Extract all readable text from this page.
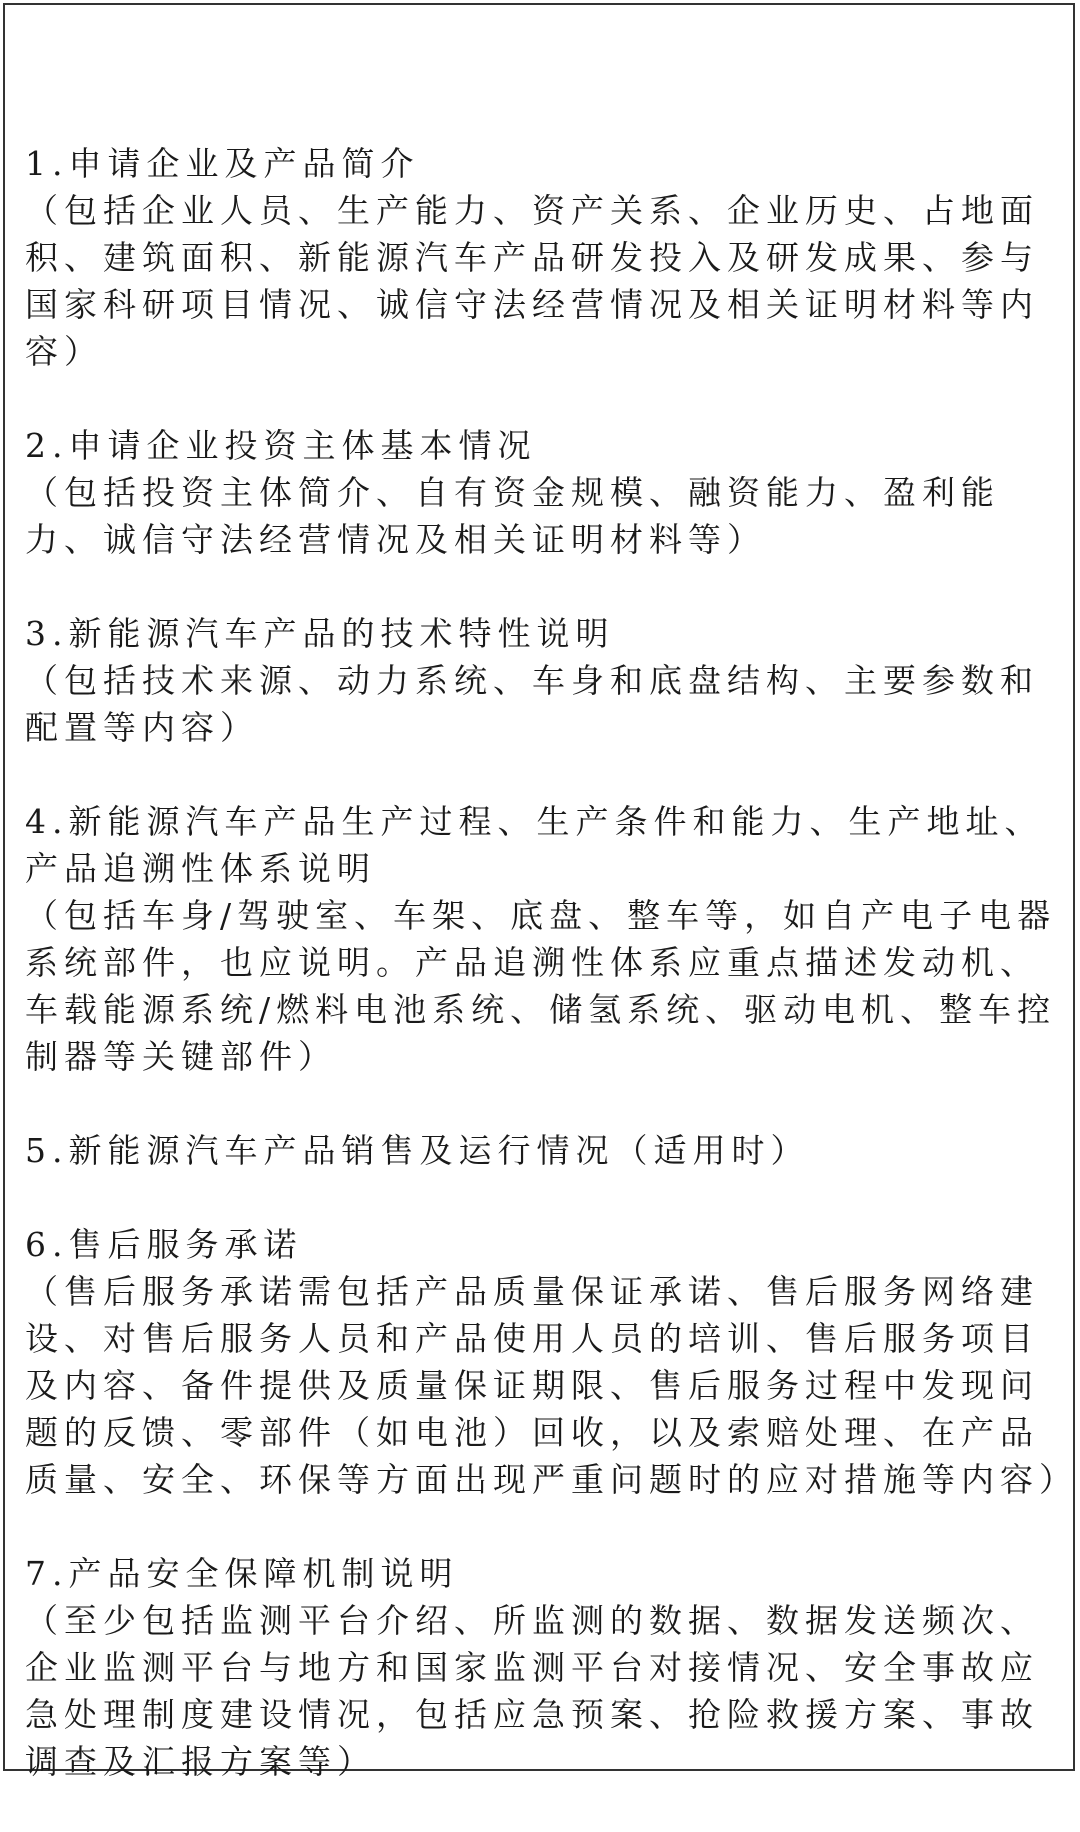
1.申请企业及产品简介

（包括企业人员、生产能力、资产关系、企业历史、占地面积、建筑面积、新能源汽车产品研发投入及研发成果、参与国家科研项目情况、诚信守法经营情况及相关证明材料等内容）

2.申请企业投资主体基本情况

（包括投资主体简介、自有资金规模、融资能力、盈利能力、诚信守法经营情况及相关证明材料等）

3.新能源汽车产品的技术特性说明

（包括技术来源、动力系统、车身和底盘结构、主要参数和配置等内容）

4.新能源汽车产品生产过程、生产条件和能力、生产地址、产品追溯性体系说明

（包括车身/驾驶室、车架、底盘、整车等，如自产电子电器系统部件，也应说明。产品追溯性体系应重点描述发动机、车载能源系统/燃料电池系统、储氢系统、驱动电机、整车控制器等关键部件）

5.新能源汽车产品销售及运行情况（适用时）

6.售后服务承诺

（售后服务承诺需包括产品质量保证承诺、售后服务网络建设、对售后服务人员和产品使用人员的培训、售后服务项目及内容、备件提供及质量保证期限、售后服务过程中发现问题的反馈、零部件（如电池）回收，以及索赔处理、在产品质量、安全、环保等方面出现严重问题时的应对措施等内容）

7.产品安全保障机制说明

（至少包括监测平台介绍、所监测的数据、数据发送频次、企业监测平台与地方和国家监测平台对接情况、安全事故应急处理制度建设情况，包括应急预案、抢险救援方案、事故调查及汇报方案等）
